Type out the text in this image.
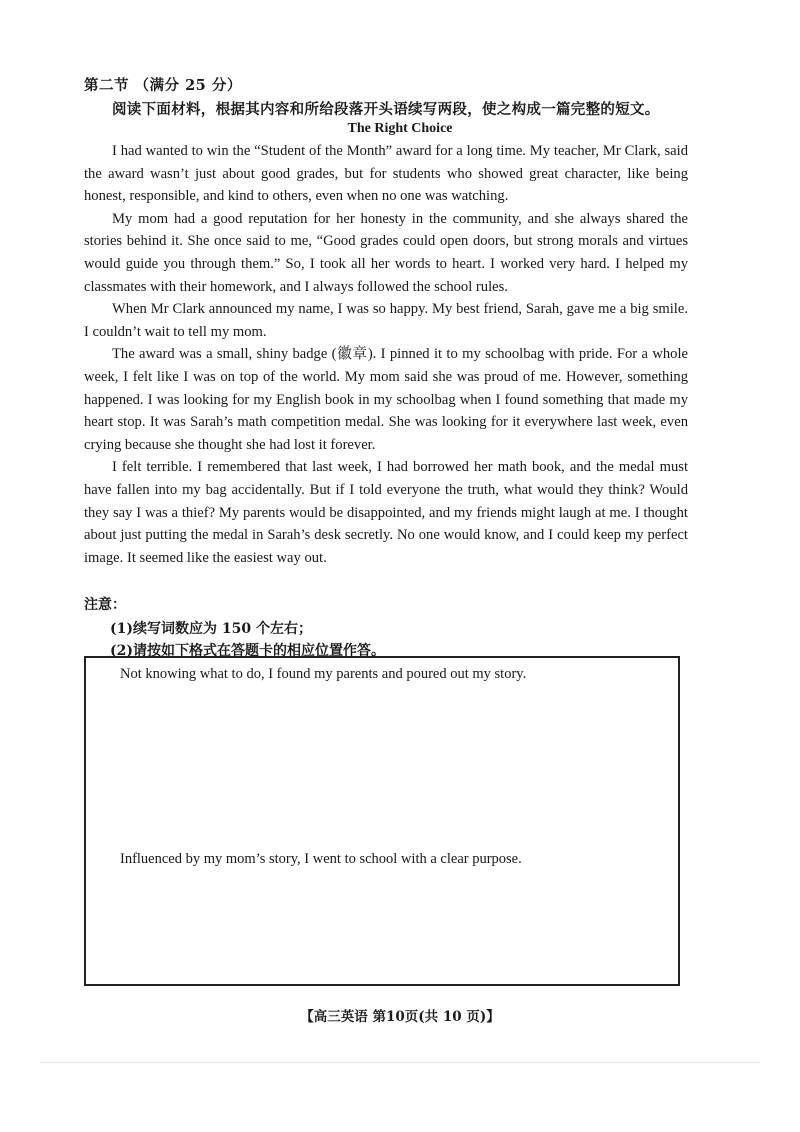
第二节 （满分 25 分）
阅读下面材料，根据其内容和所给段落开头语续写两段，使之构成一篇完整的短文。
The Right Choice

I had wanted to win the “Student of the Month” award for a long time. My teacher, Mr Clark, said the award wasn’t just about good grades, but for students who showed great character, like being honest, responsible, and kind to others, even when no one was watching.

My mom had a good reputation for her honesty in the community, and she always shared the stories behind it. She once said to me, “Good grades could open doors, but strong morals and virtues would guide you through them.” So, I took all her words to heart. I worked very hard. I helped my classmates with their homework, and I always followed the school rules.

When Mr Clark announced my name, I was so happy. My best friend, Sarah, gave me a big smile. I couldn’t wait to tell my mom.

The award was a small, shiny badge (徽章). I pinned it to my schoolbag with pride. For a whole week, I felt like I was on top of the world. My mom said she was proud of me. However, something happened. I was looking for my English book in my schoolbag when I found something that made my heart stop. It was Sarah’s math competition medal. She was looking for it everywhere last week, even crying because she thought she had lost it forever.

I felt terrible. I remembered that last week, I had borrowed her math book, and the medal must have fallen into my bag accidentally. But if I told everyone the truth, what would they think? Would they say I was a thief? My parents would be disappointed, and my friends might laugh at me. I thought about just putting the medal in Sarah’s desk secretly. No one would know, and I could keep my perfect image. It seemed like the easiest way out.

注意：
(1)续写词数应为 150 个左右；
(2)请按如下格式在答题卡的相应位置作答。
Not knowing what to do, I found my parents and poured out my story.
Influenced by my mom’s story, I went to school with a clear purpose.
【高三英语 第10页(共 10 页)】
